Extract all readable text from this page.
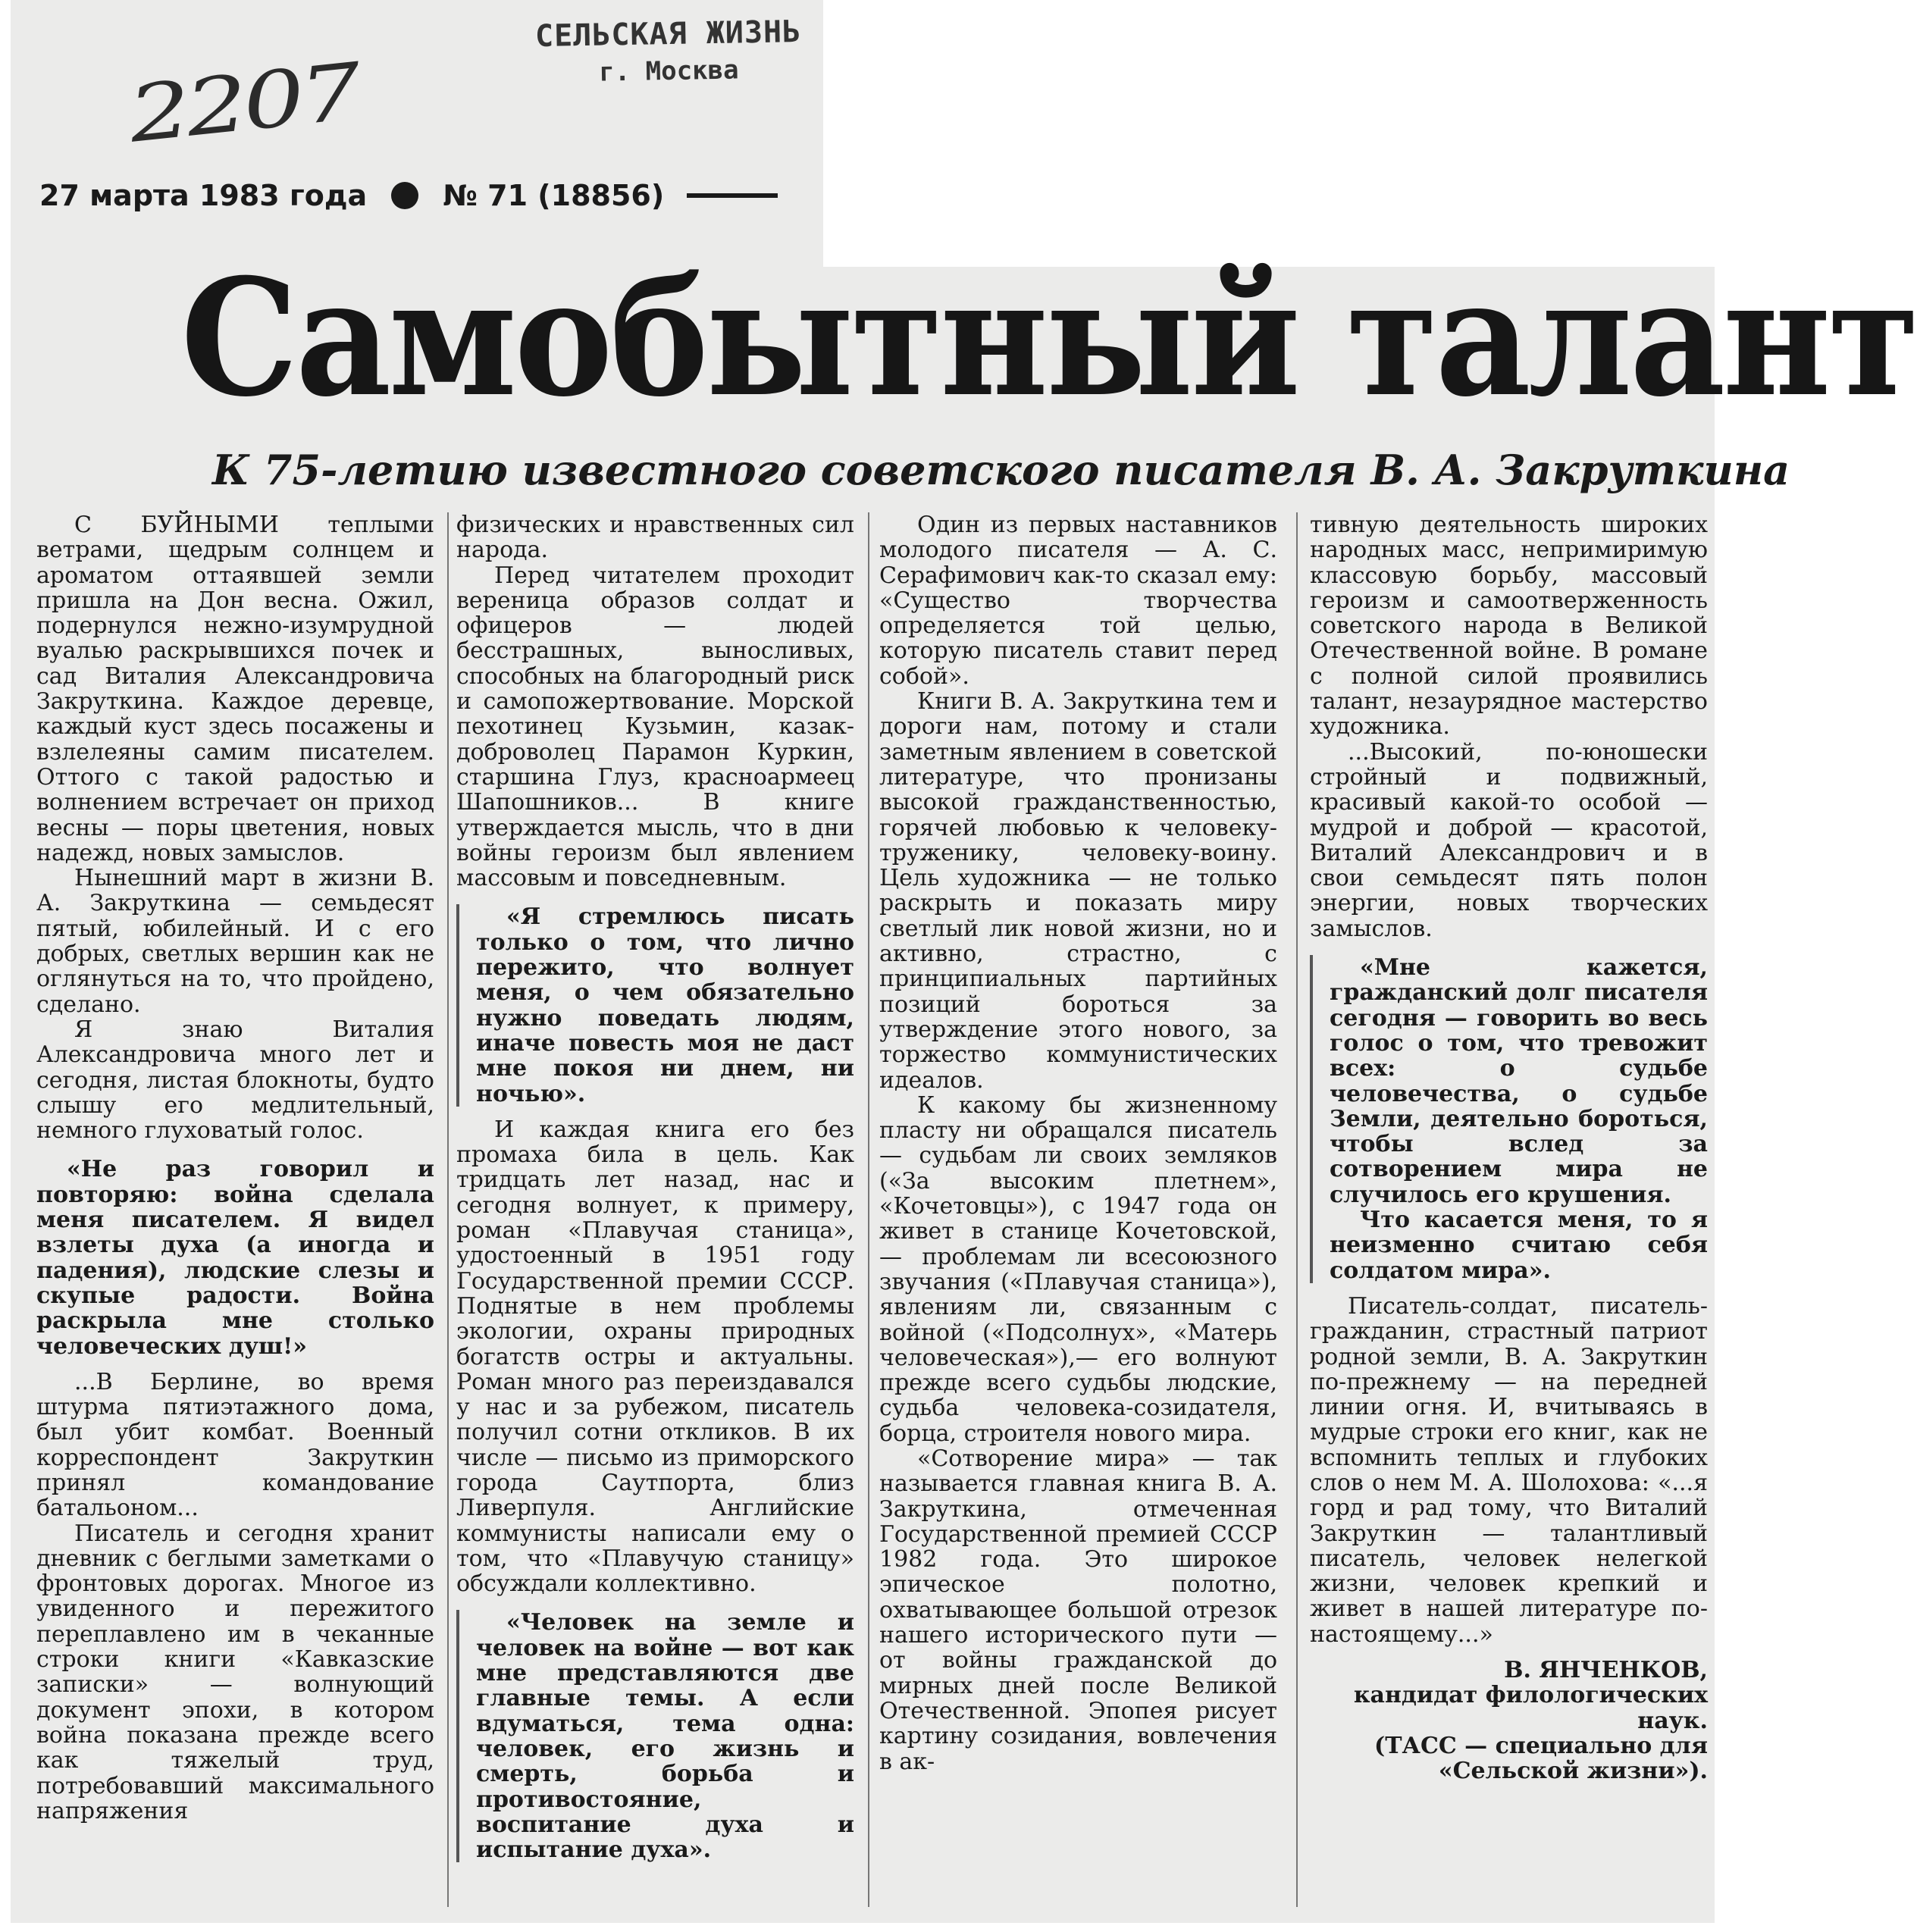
СЕЛЬСКАЯ ЖИЗНЬ
г. Москва
2207
27 марта 1983 года	№ 71 (18856)
Самобытный талант
К 75-летию известного советского писателя В. А. Закруткина

С БУЙНЫМИ теплыми ветрами, щедрым солнцем и ароматом оттаявшей земли пришла на Дон весна. Ожил, подернулся нежно-изумрудной вуалью раскрывшихся почек и сад Виталия Александровича Закруткина. Каждое деревце, каждый куст здесь посажены и взлелеяны самим писателем. Оттого с такой радостью и волнением встречает он приход весны — поры цветения, новых надежд, новых замыслов.

Нынешний март в жизни В. А. Закруткина — семьдесят пятый, юбилейный. И с его добрых, светлых вершин как не оглянуться на то, что пройдено, сделано.

Я знаю Виталия Александровича много лет и сегодня, листая блокноты, будто слышу его медлительный, немного глуховатый голос.

«Не раз говорил и повторяю: война сделала меня писателем. Я видел взлеты духа (а иногда и падения), людские слезы и скупые радости. Война раскрыла мне столько человеческих душ!»

...В Берлине, во время штурма пятиэтажного дома, был убит комбат. Военный корреспондент Закруткин принял командование батальоном...

Писатель и сегодня хранит дневник с беглыми заметками о фронтовых дорогах. Многое из увиденного и пережитого переплавлено им в чеканные строки книги «Кавказские записки» — волнующий документ эпохи, в котором война показана прежде всего как тяжелый труд, потребовавший максимального напряжения

физических и нравственных сил народа.

Перед читателем проходит вереница образов солдат и офицеров — людей бесстрашных, выносливых, способных на благородный риск и самопожертвование. Морской пехотинец Кузьмин, казак-доброволец Парамон Куркин, старшина Глуз, красноармеец Шапошников... В книге утверждается мысль, что в дни войны героизм был явлением массовым и повседневным.

«Я стремлюсь писать только о том, что лично пережито, что волнует меня, о чем обязательно нужно поведать людям, иначе повесть моя не даст мне покоя ни днем, ни ночью».

И каждая книга его без промаха била в цель. Как тридцать лет назад, нас и сегодня волнует, к примеру, роман «Плавучая станица», удостоенный в 1951 году Государственной премии СССР. Поднятые в нем проблемы экологии, охраны природных богатств остры и актуальны. Роман много раз переиздавался у нас и за рубежом, писатель получил сотни откликов. В их числе — письмо из приморского города Саутпорта, близ Ливерпуля. Английские коммунисты написали ему о том, что «Плавучую станицу» обсуждали коллективно.

«Человек на земле и человек на войне — вот как мне представляются две главные темы. А если вдуматься, тема одна: человек, его жизнь и смерть, борьба и противостояние, воспитание духа и испытание духа».

Один из первых наставников молодого писателя — А. С. Серафимович как-то сказал ему: «Существо творчества определяется той целью, которую писатель ставит перед собой».

Книги В. А. Закруткина тем и дороги нам, потому и стали заметным явлением в советской литературе, что пронизаны высокой гражданственностью, горячей любовью к человеку-труженику, человеку-воину. Цель художника — не только раскрыть и показать миру светлый лик новой жизни, но и активно, страстно, с принципиальных партийных позиций бороться за утверждение этого нового, за торжество коммунистических идеалов.

К какому бы жизненному пласту ни обращался писатель — судьбам ли своих земляков («За высоким плетнем», «Кочетовцы»), с 1947 года он живет в станице Кочетовской, — проблемам ли всесоюзного звучания («Плавучая станица»), явлениям ли, связанным с войной («Подсолнух», «Матерь человеческая»),— его волнуют прежде всего судьбы людские, судьба человека-созидателя, борца, строителя нового мира.

«Сотворение мира» — так называется главная книга В. А. Закруткина, отмеченная Государственной премией СССР 1982 года. Это широкое эпическое полотно, охватывающее большой отрезок нашего исторического пути — от войны гражданской до мирных дней после Великой Отечественной. Эпопея рисует картину созидания, вовлечения в ак-

тивную деятельность широких народных масс, непримиримую классовую борьбу, массовый героизм и самоотверженность советского народа в Великой Отечественной войне. В романе с полной силой проявились талант, незаурядное мастерство художника.

...Высокий, по-юношески стройный и подвижный, красивый какой-то особой — мудрой и доброй — красотой, Виталий Александрович и в свои семьдесят пять полон энергии, новых творческих замыслов.

«Мне кажется, гражданский долг писателя сегодня — говорить во весь голос о том, что тревожит всех: о судьбе человечества, о судьбе Земли, деятельно бороться, чтобы вслед за сотворением мира не случилось его крушения.

Что касается меня, то я неизменно считаю себя солдатом мира».

Писатель-солдат, писатель-гражданин, страстный патриот родной земли, В. А. Закруткин по-прежнему — на передней линии огня. И, вчитываясь в мудрые строки его книг, как не вспомнить теплых и глубоких слов о нем М. А. Шолохова: «...я горд и рад тому, что Виталий Закруткин — талантливый писатель, человек нелегкой жизни, человек крепкий и живет в нашей литературе по-настоящему...»

В. ЯНЧЕНКОВ,
кандидат филологических наук.
(ТАСС — специально для «Сельской жизни»).
